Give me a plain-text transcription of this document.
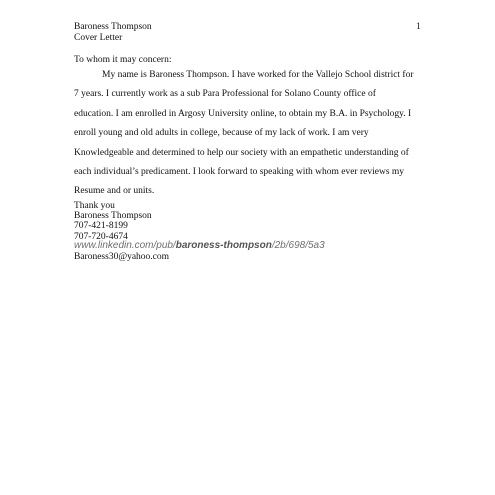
Baroness Thompson
Cover Letter
1
To whom it may concern:
My name is Baroness Thompson. I have worked for the Vallejo School district for
7 years. I currently work as a sub Para Professional for Solano County office of
education. I am enrolled in Argosy University online, to obtain my B.A. in Psychology. I
enroll young and old adults in college, because of my lack of work. I am very
Knowledgeable and determined to help our society with an empathetic understanding of
each individual’s predicament. I look forward to speaking with whom ever reviews my
Resume and or units.
Thank you
Baroness Thompson
707-421-8199
707-720-4674
www.linkedin.com/pub/baroness-thompson/2b/698/5a3
Baroness30@yahoo.com
